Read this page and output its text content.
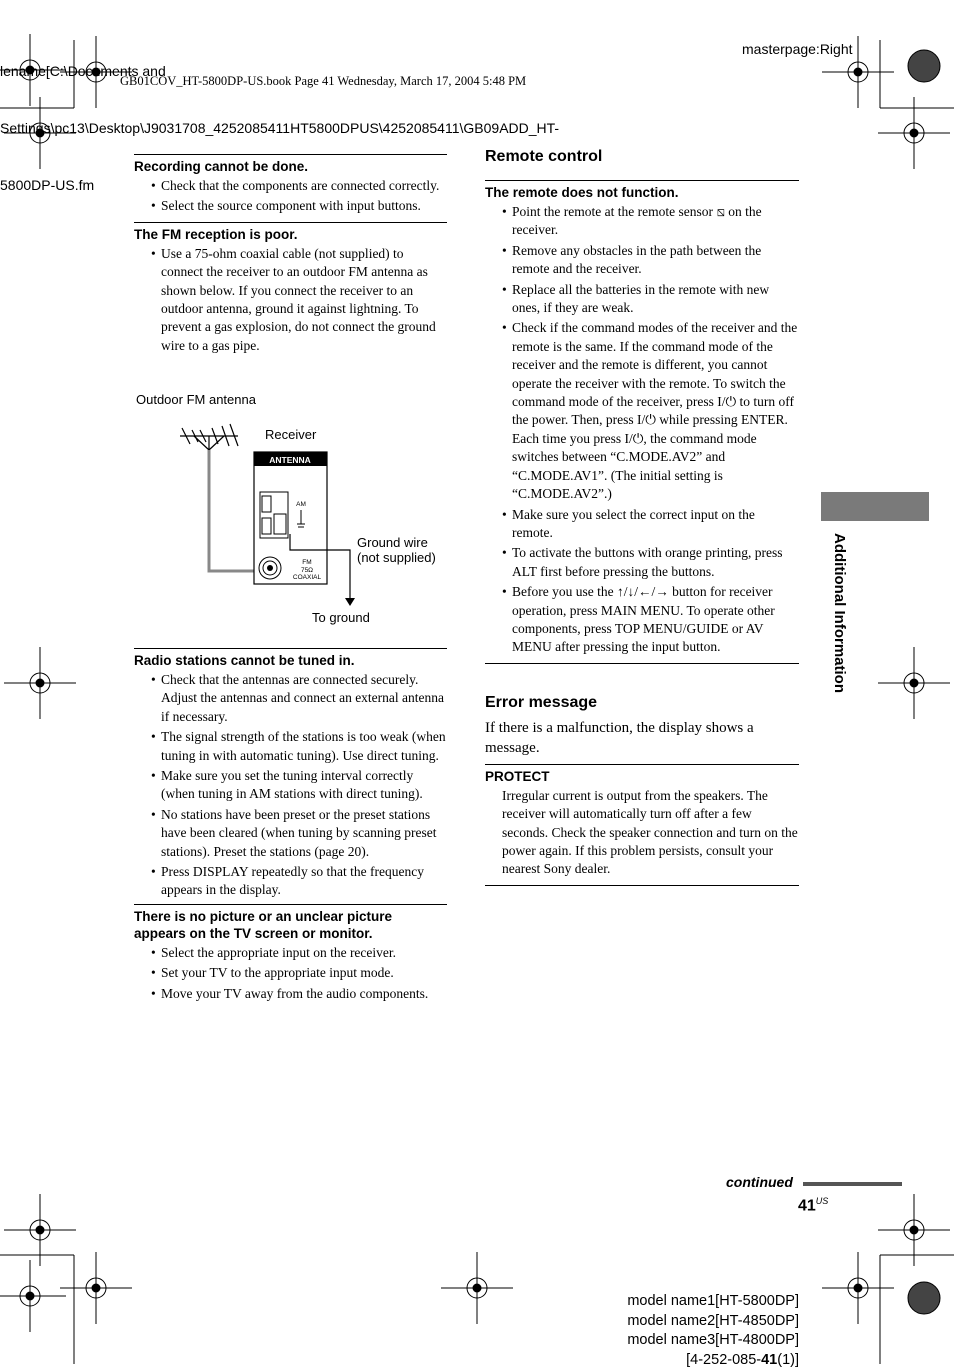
lename[C:\Documents and

Settings\pc13\Desktop\J9031708_4252085411HT5800DPUS\4252085411\GB09ADD_HT-

5800DP-US.fm

GB01COV_HT-5800DP-US.book Page 41 Wednesday, March 17, 2004 5:48 PM
masterpage:Right

Recording cannot be done.

• Check that the components are connected correctly.
• Select the source component with input buttons.

The FM reception is poor.

• Use a 75-ohm coaxial cable (not supplied) to connect the receiver to an outdoor FM antenna as shown below. If you connect the receiver to an outdoor antenna, ground it against lightning. To prevent a gas explosion, do not connect the ground wire to a gas pipe.
Outdoor FM antenna
Receiver
ANTENNA
AM
FM
75Ω
COAXIAL
Ground wire
(not supplied)
To ground

Radio stations cannot be tuned in.

• Check that the antennas are connected securely. Adjust the antennas and connect an external antenna if necessary.
• The signal strength of the stations is too weak (when tuning in with automatic tuning). Use direct tuning.
• Make sure you set the tuning interval correctly (when tuning in AM stations with direct tuning).
• No stations have been preset or the preset stations have been cleared (when tuning by scanning preset stations). Preset the stations (page 20).
• Press DISPLAY repeatedly so that the frequency appears in the display.

There is no picture or an unclear picture appears on the TV screen or monitor.

• Select the appropriate input on the receiver.
• Set your TV to the appropriate input mode.
• Move your TV away from the audio components.
Remote control

The remote does not function.

• Point the remote at the remote sensor ⧅ on the receiver.
• Remove any obstacles in the path between the remote and the receiver.
• Replace all the batteries in the remote with new ones, if they are weak.
• Check if the command modes of the receiver and the remote is the same. If the command mode of the receiver and the remote is different, you cannot operate the receiver with the remote. To switch the command mode of the receiver, press I/⏻ to turn off the power. Then, press I/⏻ while pressing ENTER. Each time you press I/⏻, the command mode switches between “C.MODE.AV2” and “C.MODE.AV1”. (The initial setting is “C.MODE.AV2”.)
• Make sure you select the correct input on the remote.
• To activate the buttons with orange printing, press ALT first before pressing the buttons.
• Before you use the ↑/↓/←/→ button for receiver operation, press MAIN MENU. To operate other components, press TOP MENU/GUIDE or AV MENU after pressing the input button.
Error message

If there is a malfunction, the display shows a message.

PROTECT

Irregular current is output from the speakers. The receiver will automatically turn off after a few seconds. Check the speaker connection and turn on the power again. If this problem persists, consult your nearest Sony dealer.

Additional Information
continued
$41^{US}$
model name1[HT-5800DP]
model name2[HT-4850DP]
model name3[HT-4800DP]
[4-252-085-41(1)]
